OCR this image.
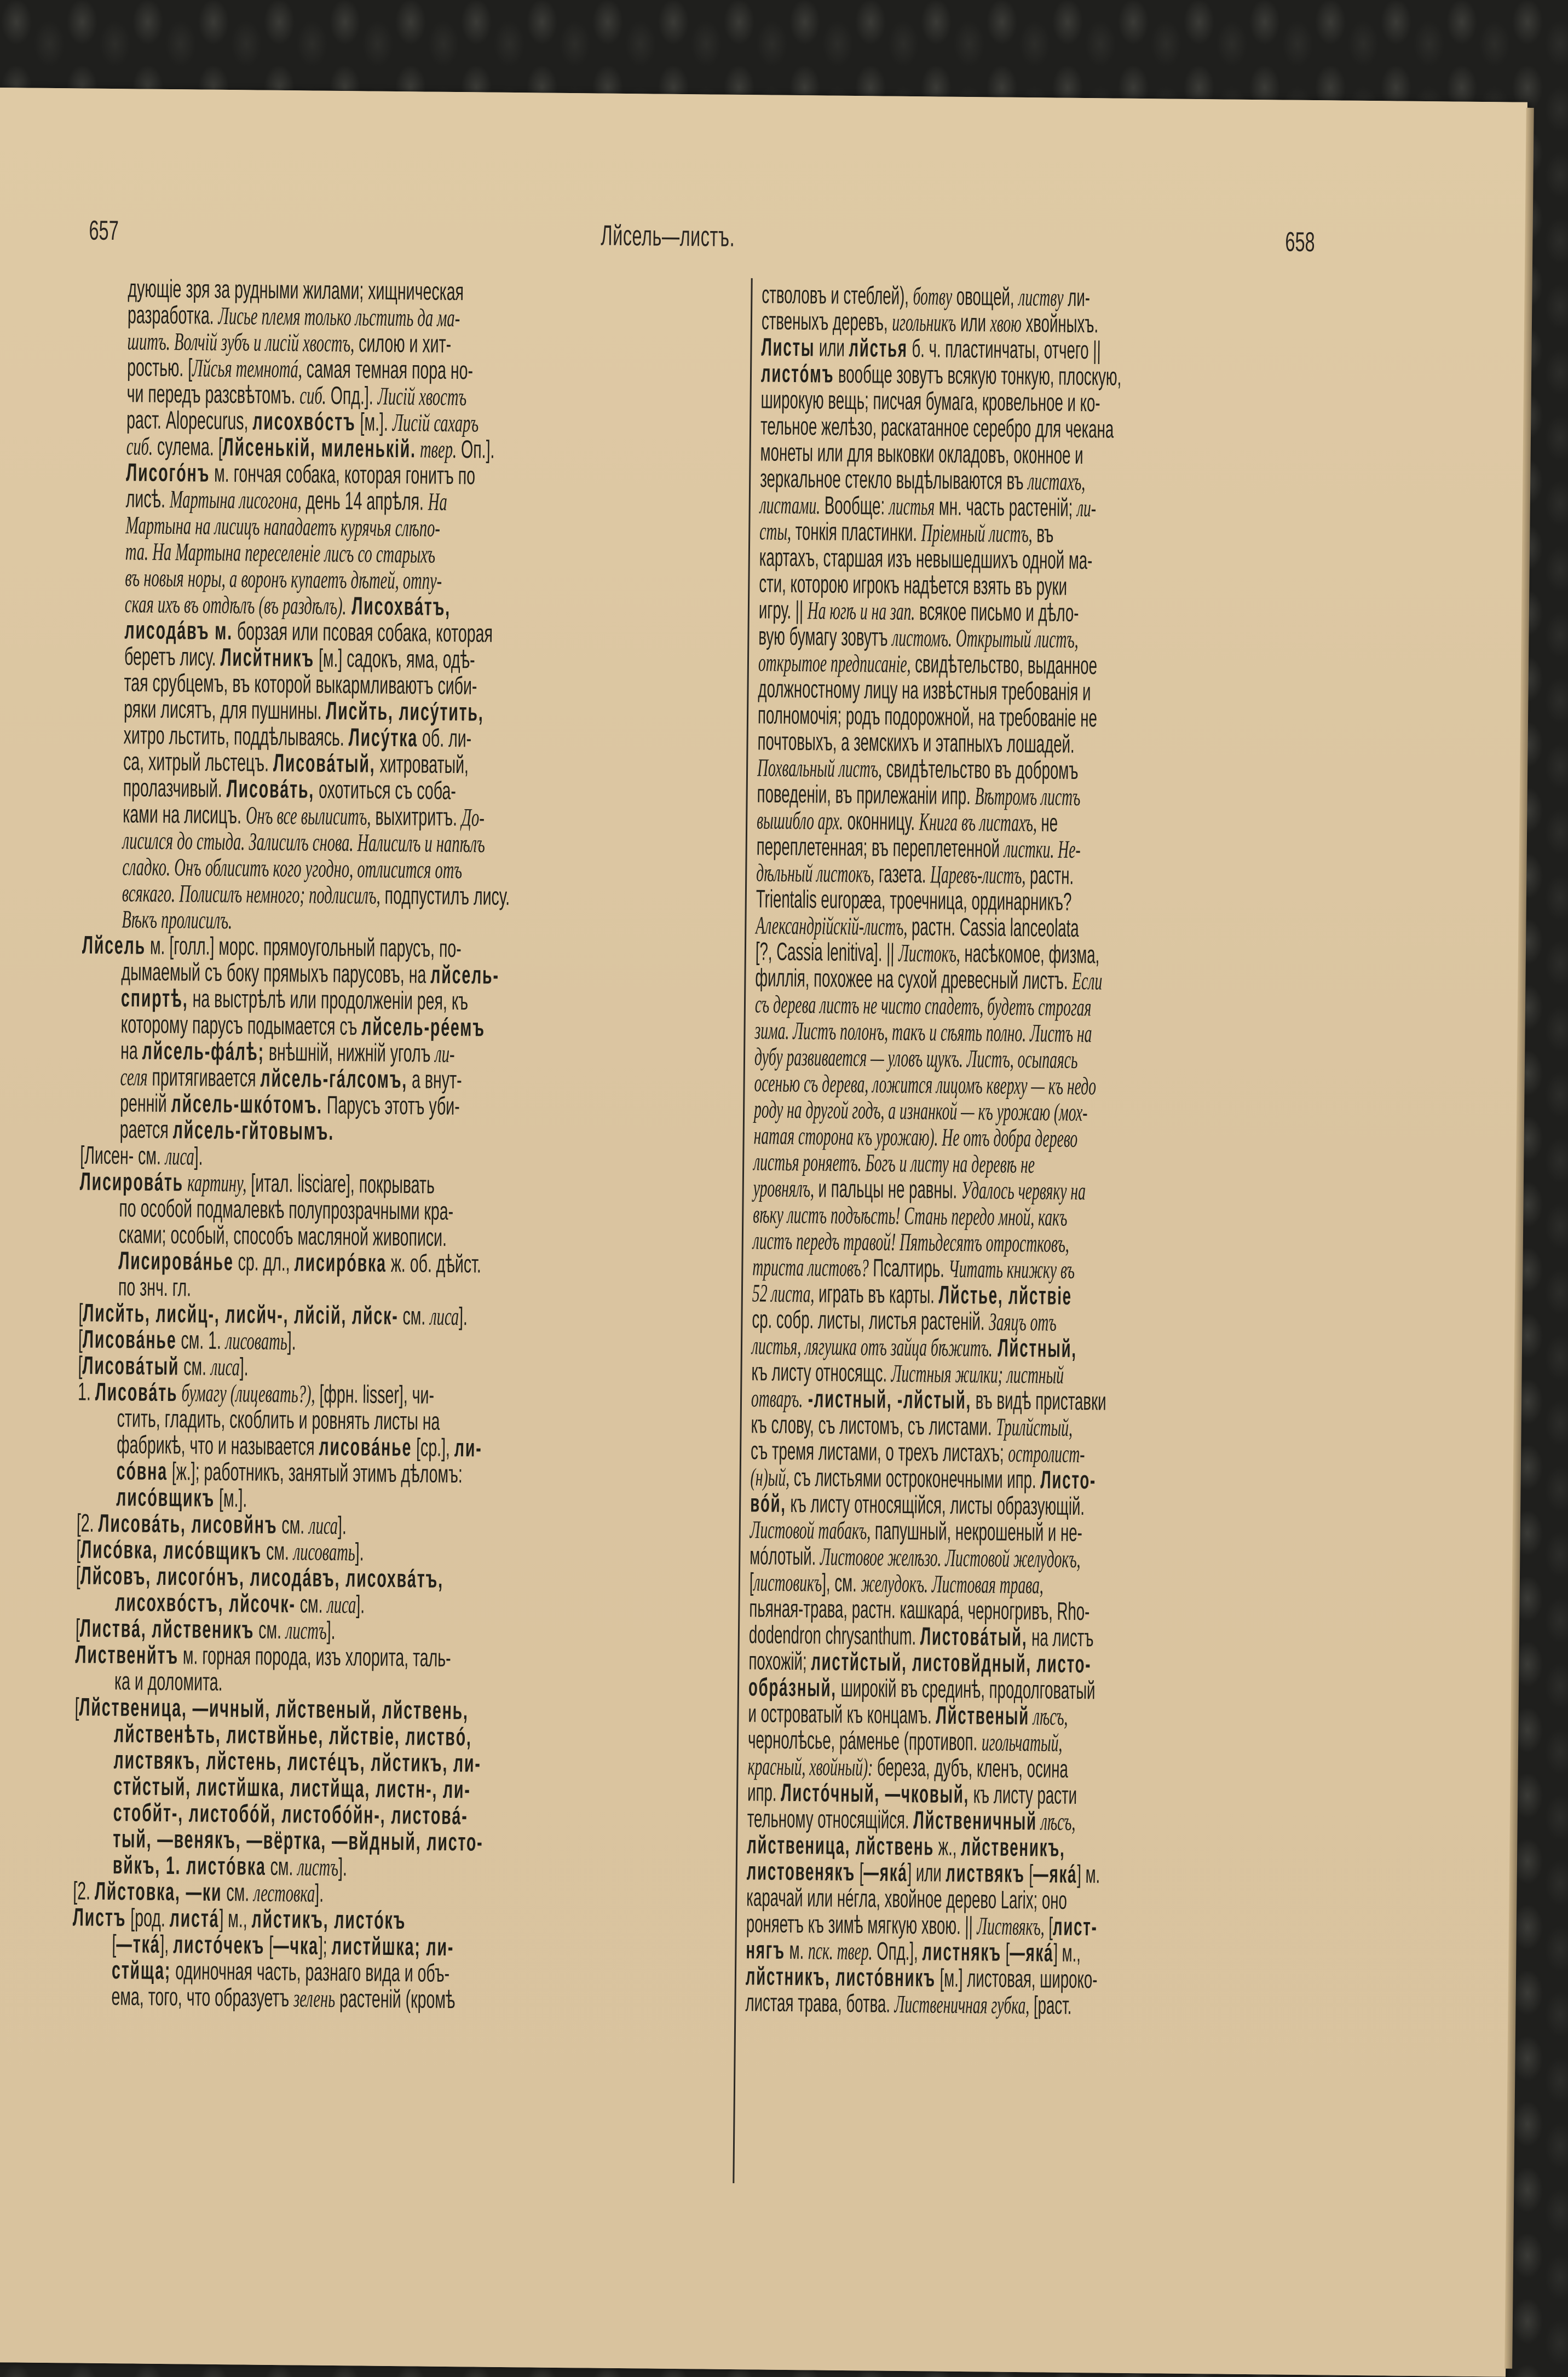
657	Лйсель—листъ.	658
дующіе зря за рудными жилами; хищническая
разработка. Лисье племя только льстить да ма-
шитъ. Волчій зубъ и лисій хвостъ, силою и хит-
ростью. [Лйсья темнотá, самая темная пора но-
чи передъ разсвѣтомъ. сиб. Опд.]. Лисій хвостъ
раст. Alopecurus, лисохвóстъ [м.]. Лисій сахаръ
сиб. сулема. [Лйсенькій, миленькій. твер. Оп.].
Лисогóнъ м. гончая собака, которая гонитъ по
лисѣ. Мартына лисогона, день 14 апрѣля. На
Мартына на лисицъ нападаетъ курячья слѣпо-
та. На Мартына переселеніе лисъ со старыхъ
въ новыя норы, а воронъ купаетъ дѣтей, отпу-
ская ихъ въ отдѣлъ (въ раздѣлъ). Лисохвáтъ,
лисодáвъ м. борзая или псовая собака, которая
беретъ лису. Лисйтникъ [м.] садокъ, яма, одѣ-
тая срубцемъ, въ которой выкармливаютъ сиби-
ряки лисятъ, для пушнины. Лисйть, лисýтить,
хитро льстить, поддѣлываясь. Лисýтка об. ли-
са, хитрый льстецъ. Лисовáтый, хитроватый,
пролазчивый. Лисовáть, охотиться съ соба-
ками на лисицъ. Онъ все вылиситъ, выхитритъ. До-
лисился до стыда. Залисилъ снова. Налисилъ и напѣлъ
сладко. Онъ облиситъ кого угодно, отлисится отъ
всякаго. Полисилъ немного; подлисилъ, подпустилъ лису.
Вѣкъ пролисилъ.
Лйсель м. [голл.] морс. прямоугольный парусъ, по-
дымаемый съ боку прямыхъ парусовъ, на лйсель-
спиртѣ, на выстрѣлѣ или продолженіи рея, къ
которому парусъ подымается съ лйсель-рéемъ
на лйсель-фáлѣ; внѣшній, нижній уголъ ли-
селя притягивается лйсель-гáлсомъ, а внут-
ренній лйсель-шкóтомъ. Парусъ этотъ уби-
рается лйсель-гйтовымъ.
[Лисен- см. лиса].
Лисировáть картину, [итал. lisciare], покрывать
по особой подмалевкѣ полупрозрачными кра-
сками; особый, способъ масляной живописи.
Лисировáнье ср. дл., лисирóвка ж. об. дѣйст.
по знч. гл.
[Лисйть, лисйц-, лисйч-, лйсій, лйск- см. лиса].
[Лисовáнье см. 1. лисовать].
[Лисовáтый см. лиса].
1. Лисовáть бумагу (лицевать?), [фрн. lisser], чи-
стить, гладить, скоблить и ровнять листы на
фабрикѣ, что и называется лисовáнье [ср.], ли-
сóвна [ж.]; работникъ, занятый этимъ дѣломъ:
лисóвщикъ [м.].
[2. Лисовáть, лисовйнъ см. лиса].
[Лисóвка, лисóвщикъ см. лисовать].
[Лйсовъ, лисогóнъ, лисодáвъ, лисохвáтъ,
лисохвóстъ, лйсочк- см. лиса].
[Листвá, лйственикъ см. листъ].
Лиственйтъ м. горная порода, изъ хлорита, таль-
ка и доломита.
[Лйственица, —ичный, лйственый, лйствень,
лйственѣть, листвйнье, лйствіе, листвó,
листвякъ, лйстень, листéцъ, лйстикъ, ли-
стйстый, листйшка, листйща, листн-, ли-
стобйт-, листобóй, листобóйн-, листовá-
тый, —венякъ, —вёртка, —вйдный, листо-
вйкъ, 1. листóвка см. листъ].
[2. Лйстовка, —ки см. лестовка].
Листъ [род. листá] м., лйстикъ, листóкъ
[—ткá], листóчекъ [—чка]; листйшка; ли-
стйща; одиночная часть, разнаго вида и объ-
ема, того, что образуетъ зелень растеній (кромѣ
стволовъ и стеблей), ботву овощей, листву ли-
ственыхъ деревъ, игольникъ или хвою хвойныхъ.
Листы или лйстья б. ч. пластинчаты, отчего ||
листóмъ вообще зовутъ всякую тонкую, плоскую,
широкую вещь; писчая бумага, кровельное и ко-
тельное желѣзо, раскатанное серебро для чекана
монеты или для выковки окладовъ, оконное и
зеркальное стекло выдѣлываются въ листахъ,
листами. Вообще: листья мн. часть растеній; ли-
сты, тонкія пластинки. Пріемный листъ, въ
картахъ, старшая изъ невышедшихъ одной ма-
сти, которою игрокъ надѣется взять въ руки
игру. || На югѣ и на зап. всякое письмо и дѣло-
вую бумагу зовутъ листомъ. Открытый листъ,
открытое предписаніе, свидѣтельство, выданное
должностному лицу на извѣстныя требованія и
полномочія; родъ подорожной, на требованіе не
почтовыхъ, а земскихъ и этапныхъ лошадей.
Похвальный листъ, свидѣтельство въ добромъ
поведеніи, въ прилежаніи ипр. Вѣтромъ листъ
вышибло арх. оконницу. Книга въ листахъ, не
переплетенная; въ переплетенной листки. Не-
дѣльный листокъ, газета. Царевъ-листъ, растн.
Trientalis europæa, троечница, ординарникъ?
Александрійскій-листъ, растн. Cassia lanceolata
[?, Cassia lenitiva]. || Листокъ, насѣкомое, физма,
филлія, похожее на сухой древесный листъ. Если
съ дерева листъ не чисто спадетъ, будетъ строгая
зима. Листъ полонъ, такъ и сѣять полно. Листъ на
дубу развивается — уловъ щукъ. Листъ, осыпаясь
осенью съ дерева, ложится лицомъ кверху — къ недо
роду на другой годъ, а изнанкой — къ урожаю (мох-
натая сторона къ урожаю). Не отъ добра дерево
листья роняетъ. Богъ и листу на деревѣ не
уровнялъ, и пальцы не равны. Удалось червяку на
вѣку листъ подъѣсть! Стань передо мной, какъ
листъ передъ травой! Пятьдесятъ отростковъ,
триста листовъ? Псалтирь. Читать книжку въ
52 листа, играть въ карты. Лйстье, лйствіе
ср. собр. листы, листья растеній. Заяцъ отъ
листья, лягушка отъ зайца бѣжитъ. Лйстный,
къ листу относящс. Листныя жилки; листный
отваръ. -листный, -лйстый, въ видѣ приставки
къ слову, съ листомъ, съ листами. Трилйстый,
съ тремя листами, о трехъ листахъ; остролист-
(н)ый, съ листьями остроконечными ипр. Листо-
вóй, къ листу относящійся, листы образующій.
Листовой табакъ, папушный, некрошеный и не-
мóлотый. Листовое желѣзо. Листовой желудокъ,
[листовикъ], см. желудокъ. Листовая трава,
пьяная-трава, растн. кашкарá, черногривъ, Rho-
dodendron chrysanthum. Листовáтый, на листъ
похожій; листйстый, листовйдный, листо-
обрáзный, широкій въ срединѣ, продолговатый
и островатый къ концамъ. Лйственый лѣсъ,
чернолѣсье, рáменье (противоп. игольчатый,
красный, хвойный): береза, дубъ, кленъ, осина
ипр. Листóчный, —чковый, къ листу расти
тельному относящійся. Лйственичный лѣсъ,
лйственица, лйствень ж., лйственикъ,
листовенякъ [—якá] или листвякъ [—якá] м.
карачай или нéгла, хвойное дерево Larix; оно
роняетъ къ зимѣ мягкую хвою. || Листвякъ, [лист-
нягъ м. пск. твер. Опд.], листнякъ [—якá] м.,
лйстникъ, листóвникъ [м.] листовая, широко-
листая трава, ботва. Лиственичная губка, [раст.
